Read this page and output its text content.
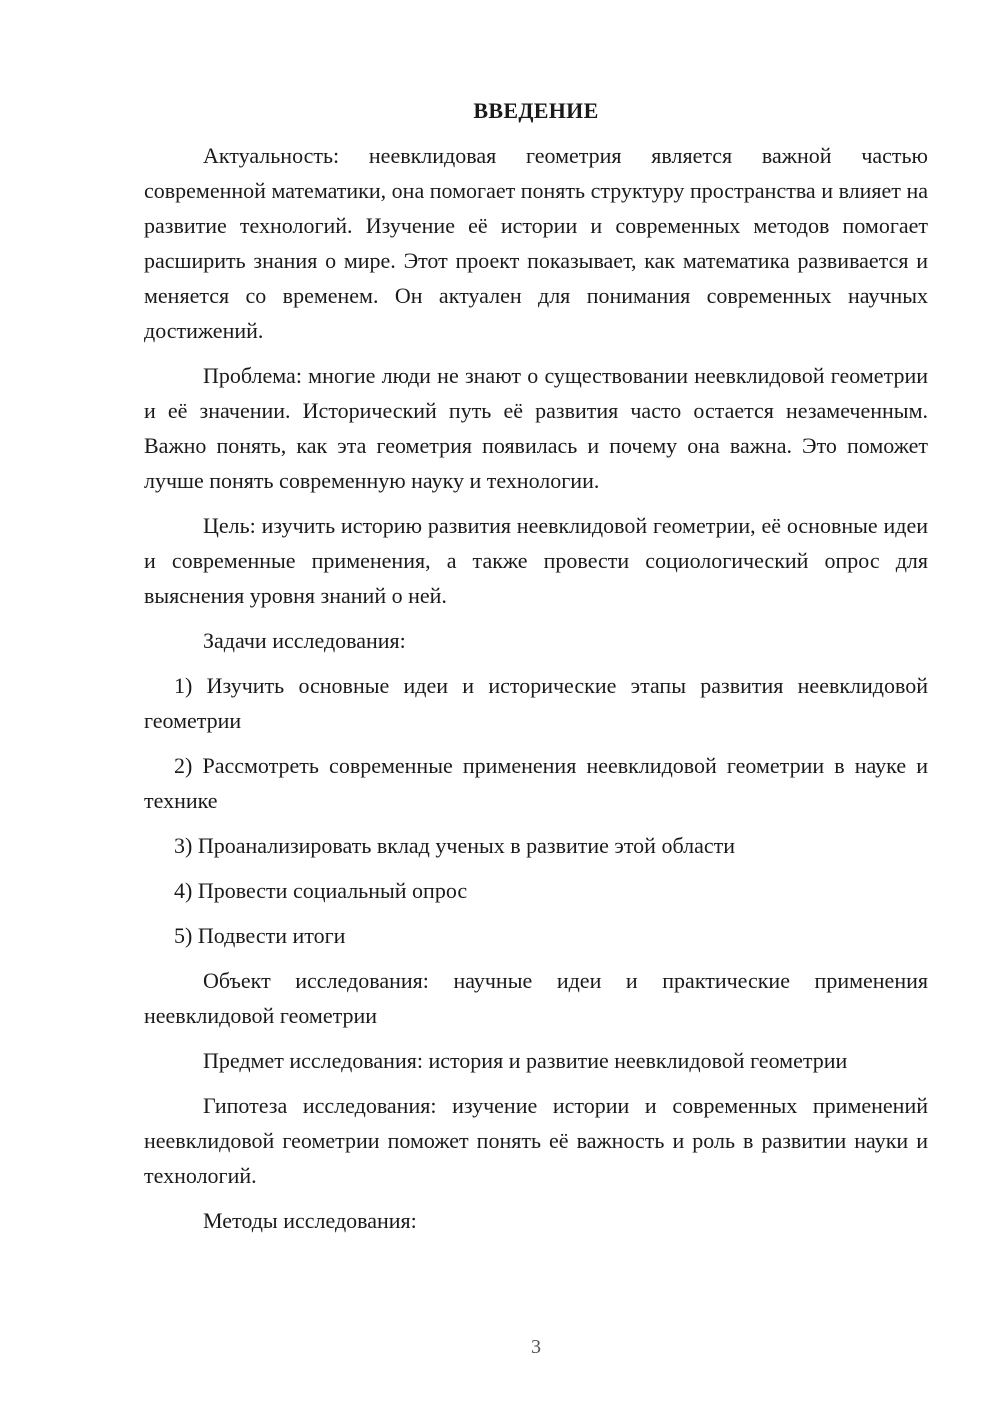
ВВЕДЕНИЕ

Актуальность: неевклидовая геометрия является важной частью современной математики, она помогает понять структуру пространства и влияет на развитие технологий. Изучение её истории и современных методов помогает расширить знания о мире. Этот проект показывает, как математика развивается и меняется со временем. Он актуален для понимания современных научных достижений.

Проблема: многие люди не знают о существовании неевклидовой геометрии и её значении. Исторический путь её развития часто остается незамеченным. Важно понять, как эта геометрия появилась и почему она важна. Это поможет лучше понять современную науку и технологии.

Цель: изучить историю развития неевклидовой геометрии, её основные идеи и современные применения, а также провести социологический опрос для выяснения уровня знаний о ней.

Задачи исследования:

1) Изучить основные идеи и исторические этапы развития неевклидовой геометрии

2) Рассмотреть современные применения неевклидовой геометрии в науке и технике

3) Проанализировать вклад ученых в развитие этой области

4) Провести социальный опрос

5) Подвести итоги

Объект исследования: научные идеи и практические применения неевклидовой геометрии

Предмет исследования: история и развитие неевклидовой геометрии

Гипотеза исследования: изучение истории и современных применений неевклидовой геометрии поможет понять её важность и роль в развитии науки и технологий.

Методы исследования:

3
